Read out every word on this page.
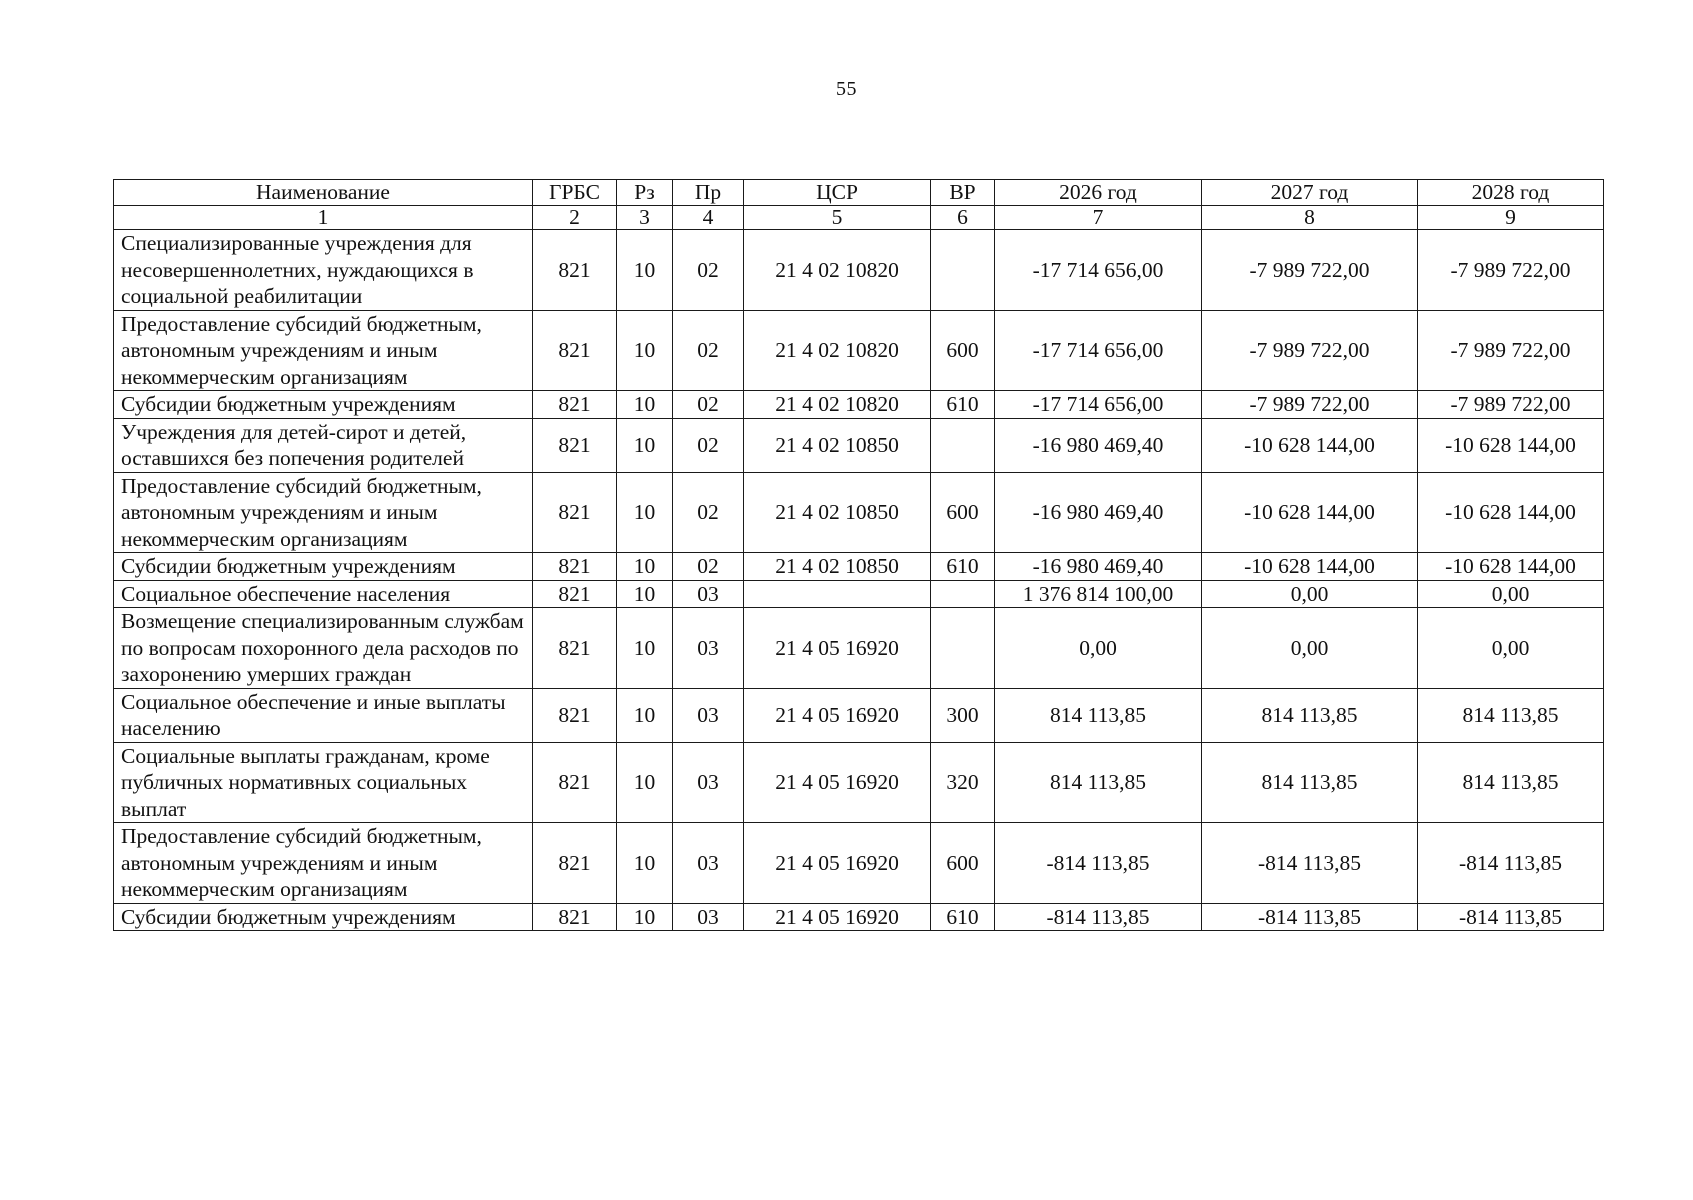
55
Наименование	ГРБС	Рз	Пр	ЦСР	ВР	2026 год	2027 год	2028 год
1	2	3	4	5	6	7	8	9
Специализированные учреждения для несовершеннолетних, нуждающихся в социальной реабилитации	821	10	02	21 4 02 10820		-17 714 656,00	-7 989 722,00	-7 989 722,00
Предоставление субсидий бюджетным, автономным учреждениям и иным некоммерческим организациям	821	10	02	21 4 02 10820	600	-17 714 656,00	-7 989 722,00	-7 989 722,00
Субсидии бюджетным учреждениям	821	10	02	21 4 02 10820	610	-17 714 656,00	-7 989 722,00	-7 989 722,00
Учреждения для детей-сирот и детей, оставшихся без попечения родителей	821	10	02	21 4 02 10850		-16 980 469,40	-10 628 144,00	-10 628 144,00
Предоставление субсидий бюджетным, автономным учреждениям и иным некоммерческим организациям	821	10	02	21 4 02 10850	600	-16 980 469,40	-10 628 144,00	-10 628 144,00
Субсидии бюджетным учреждениям	821	10	02	21 4 02 10850	610	-16 980 469,40	-10 628 144,00	-10 628 144,00
Социальное обеспечение населения	821	10	03			1 376 814 100,00	0,00	0,00
Возмещение специализированным службам по вопросам похоронного дела расходов по захоронению умерших граждан	821	10	03	21 4 05 16920		0,00	0,00	0,00
Социальное обеспечение и иные выплаты населению	821	10	03	21 4 05 16920	300	814 113,85	814 113,85	814 113,85
Социальные выплаты гражданам, кроме публичных нормативных социальных выплат	821	10	03	21 4 05 16920	320	814 113,85	814 113,85	814 113,85
Предоставление субсидий бюджетным, автономным учреждениям и иным некоммерческим организациям	821	10	03	21 4 05 16920	600	-814 113,85	-814 113,85	-814 113,85
Субсидии бюджетным учреждениям	821	10	03	21 4 05 16920	610	-814 113,85	-814 113,85	-814 113,85
